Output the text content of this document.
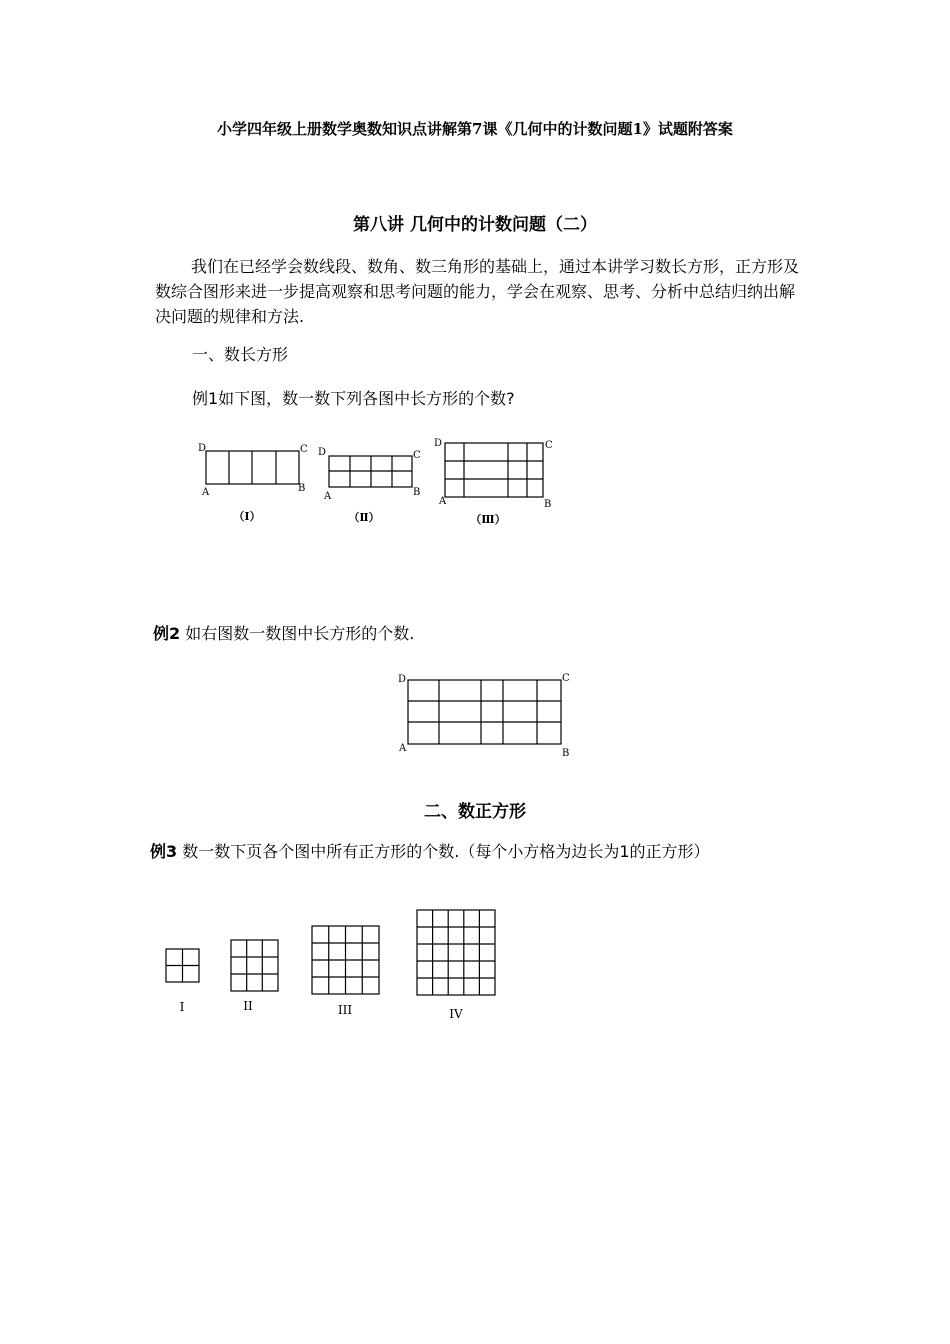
小学四年级上册数学奥数知识点讲解第7课《几何中的计数问题1》试题附答案
第八讲 几何中的计数问题（二）
我们在已经学会数线段、数角、数三角形的基础上，通过本讲学习数长方形，正方形及数综合图形来进一步提高观察和思考问题的能力，学会在观察、思考、分析中总结归纳出解决问题的规律和方法.
一、数长方形
例1如下图，数一数下列各图中长方形的个数?
D	C
A	B
D	C
A	B
D	C
A	B
D	C
A	B
（Ⅰ）	（Ⅱ）	（Ⅲ）
I	II	III	IV
例2 如右图数一数图中长方形的个数.
二、数正方形
例3 数一数下页各个图中所有正方形的个数.（每个小方格为边长为1的正方形）
